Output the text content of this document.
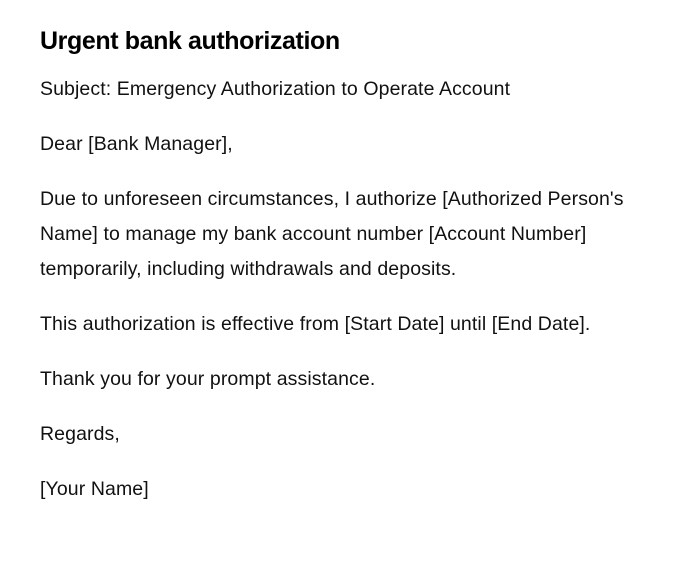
Urgent bank authorization

Subject: Emergency Authorization to Operate Account

Dear [Bank Manager],

Due to unforeseen circumstances, I authorize [Authorized Person's Name] to manage my bank account number [Account Number] temporarily, including withdrawals and deposits.

This authorization is effective from [Start Date] until [End Date].

Thank you for your prompt assistance.

Regards,

[Your Name]
